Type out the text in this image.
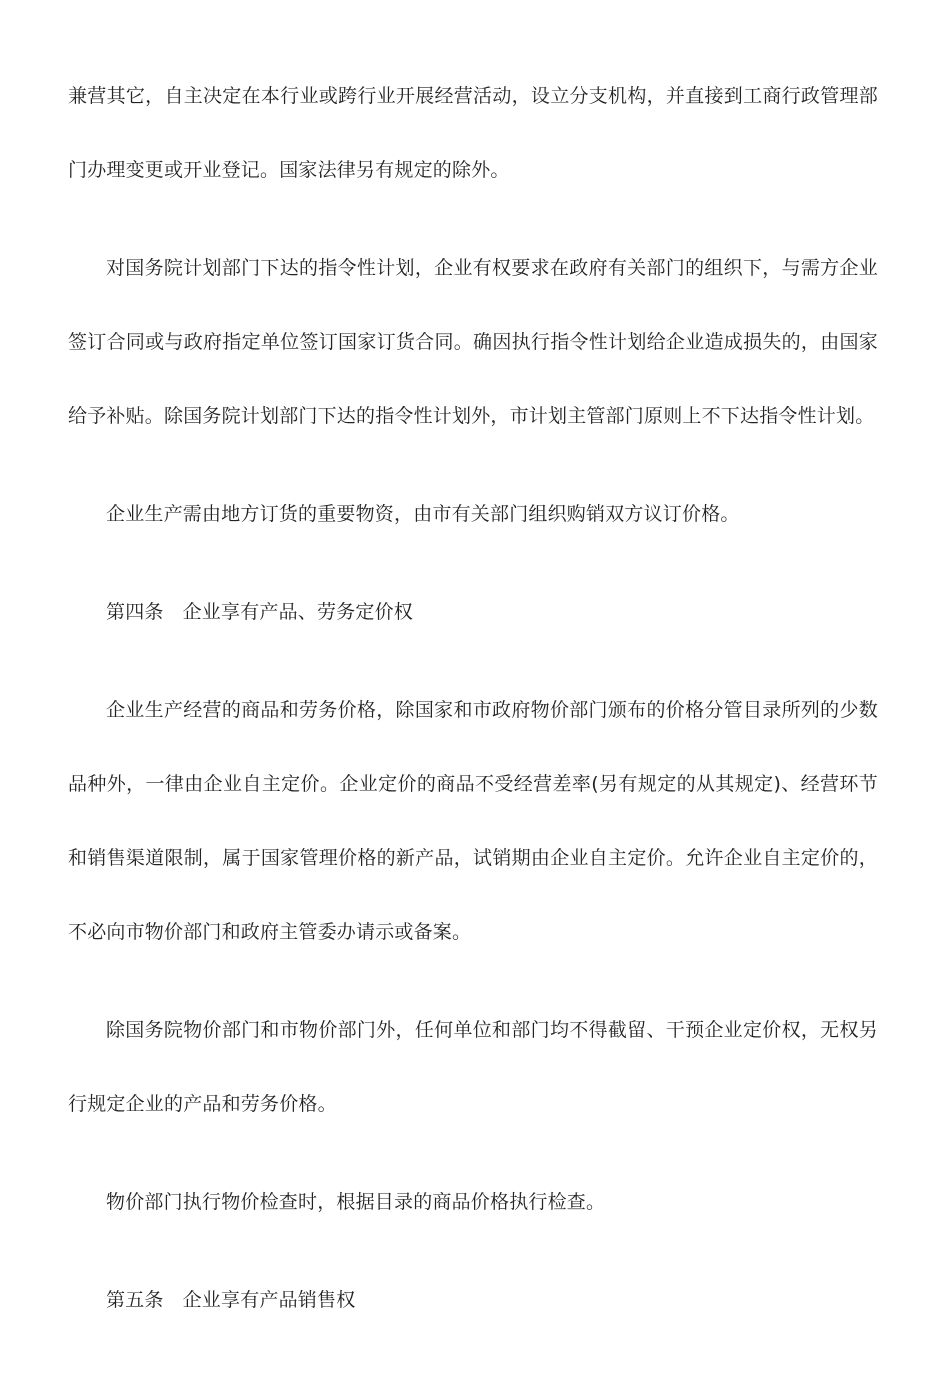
兼营其它，自主决定在本行业或跨行业开展经营活动，设立分支机构，并直接到工商行政管理部门办理变更或开业登记。国家法律另有规定的除外。

对国务院计划部门下达的指令性计划，企业有权要求在政府有关部门的组织下，与需方企业签订合同或与政府指定单位签订国家订货合同。确因执行指令性计划给企业造成损失的，由国家给予补贴。除国务院计划部门下达的指令性计划外，市计划主管部门原则上不下达指令性计划。

企业生产需由地方订货的重要物资，由市有关部门组织购销双方议订价格。

第四条 企业享有产品、劳务定价权

企业生产经营的商品和劳务价格，除国家和市政府物价部门颁布的价格分管目录所列的少数品种外，一律由企业自主定价。企业定价的商品不受经营差率(另有规定的从其规定)、经营环节和销售渠道限制，属于国家管理价格的新产品，试销期由企业自主定价。允许企业自主定价的，不必向市物价部门和政府主管委办请示或备案。

除国务院物价部门和市物价部门外，任何单位和部门均不得截留、干预企业定价权，无权另行规定企业的产品和劳务价格。

物价部门执行物价检查时，根据目录的商品价格执行检查。

第五条 企业享有产品销售权
